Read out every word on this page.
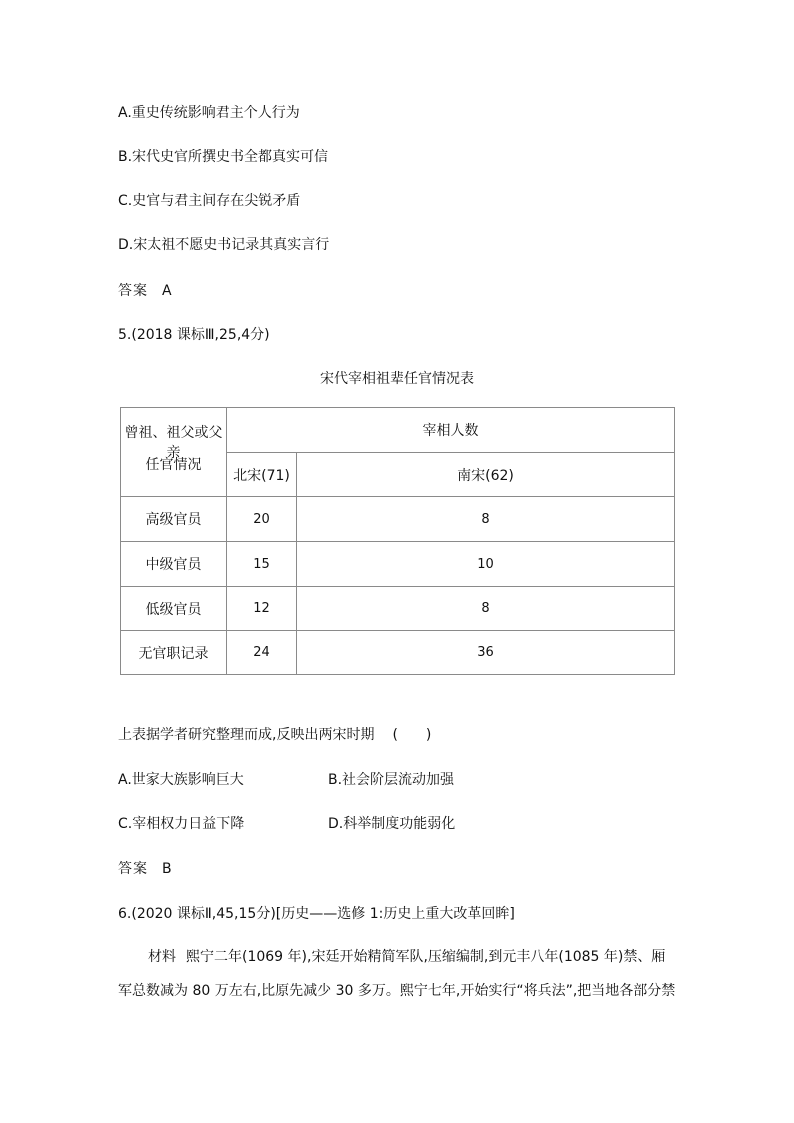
A.重史传统影响君主个人行为
B.宋代史官所撰史书全都真实可信
C.史官与君主间存在尖锐矛盾
D.宋太祖不愿史书记录其真实言行
答案 A
5.(2018 课标Ⅲ,25,4分)
宋代宰相祖辈任官情况表
曾祖、祖父或父亲
任官情况	宰相人数	
	北宋(71)	南宋(62)
高级官员	20	8
中级官员	15	10
低级官员	12	8
无官职记录	24	36
上表据学者研究整理而成,反映出两宋时期 (　　)
A.世家大族影响巨大	B.社会阶层流动加强
C.宰相权力日益下降	D.科举制度功能弱化
答案 B
6.(2020 课标Ⅱ,45,15分)[历史——选修 1:历史上重大改革回眸]
材料 熙宁二年(1069 年),宋廷开始精简军队,压缩编制,到元丰八年(1085 年)禁、厢军总数减为 80 万左右,比原先减少 30 多万。熙宁七年,开始实行“将兵法”,把当地各部分禁
